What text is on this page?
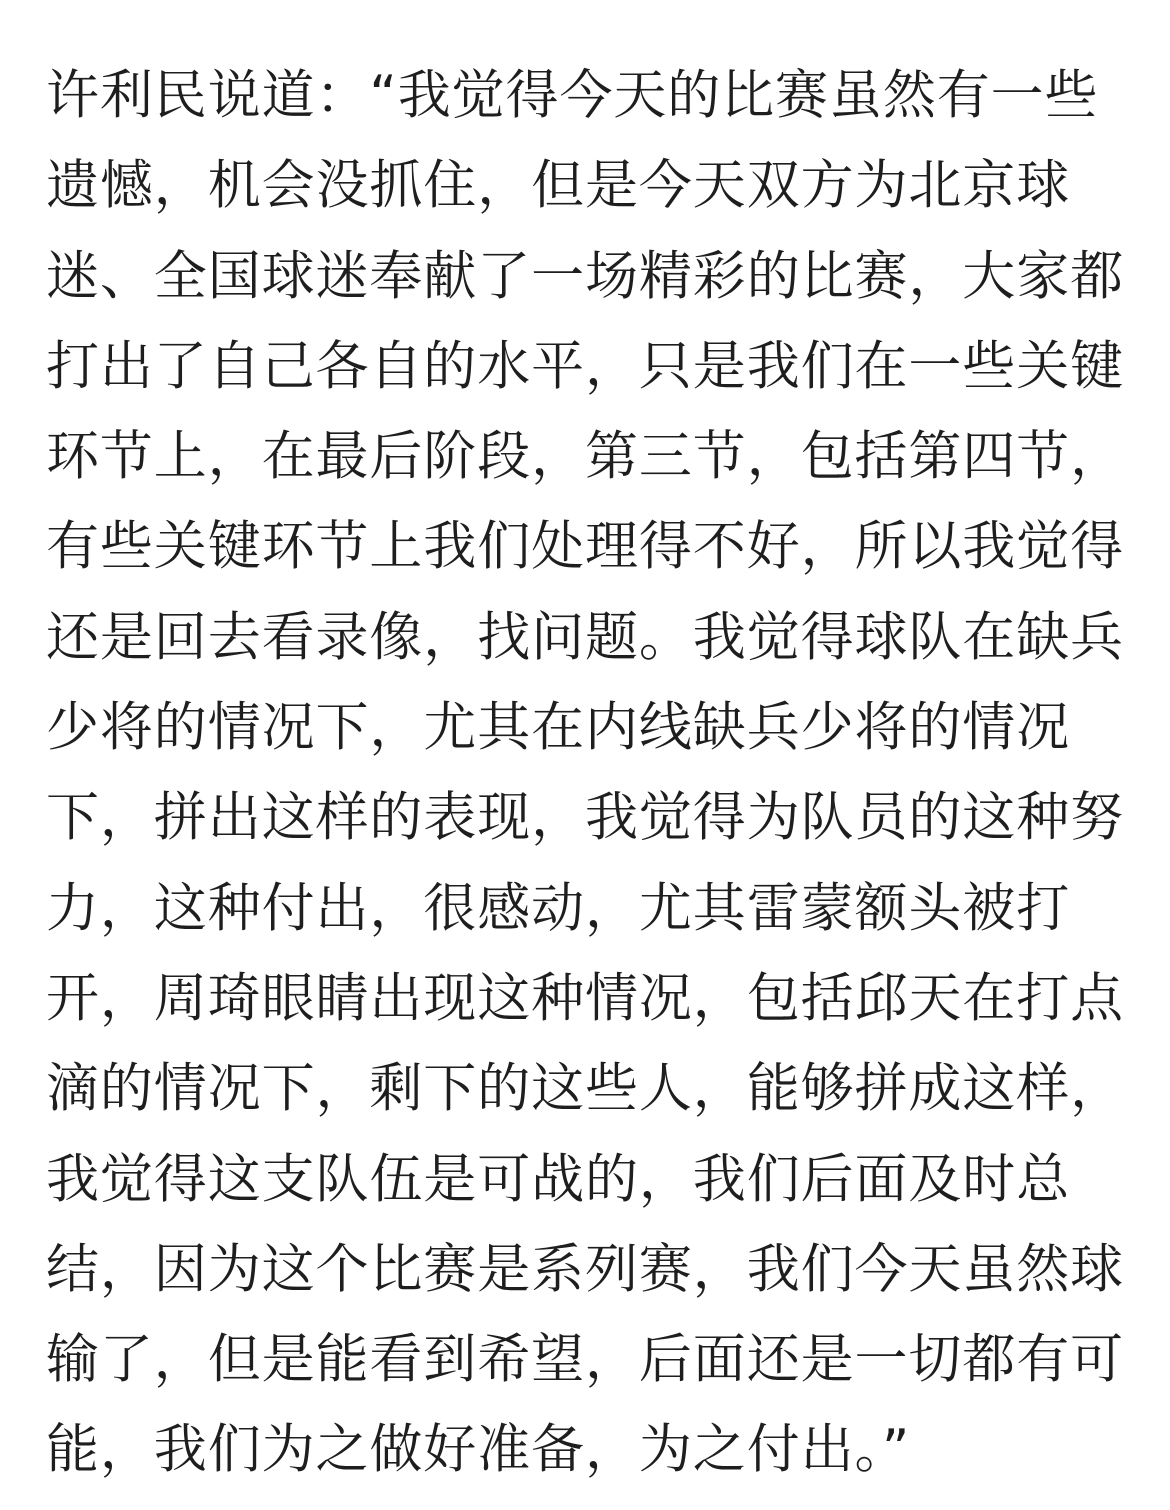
许利民说道：“我觉得今天的比赛虽然有一些
遗憾，机会没抓住，但是今天双方为北京球
迷、全国球迷奉献了一场精彩的比赛，大家都
打出了自己各自的水平，只是我们在一些关键
环节上，在最后阶段，第三节，包括第四节，
有些关键环节上我们处理得不好，所以我觉得
还是回去看录像，找问题。我觉得球队在缺兵
少将的情况下，尤其在内线缺兵少将的情况
下，拼出这样的表现，我觉得为队员的这种努
力，这种付出，很感动，尤其雷蒙额头被打
开，周琦眼睛出现这种情况，包括邱天在打点
滴的情况下，剩下的这些人，能够拼成这样，
我觉得这支队伍是可战的，我们后面及时总
结，因为这个比赛是系列赛，我们今天虽然球
输了，但是能看到希望，后面还是一切都有可
能，我们为之做好准备，为之付出。”
